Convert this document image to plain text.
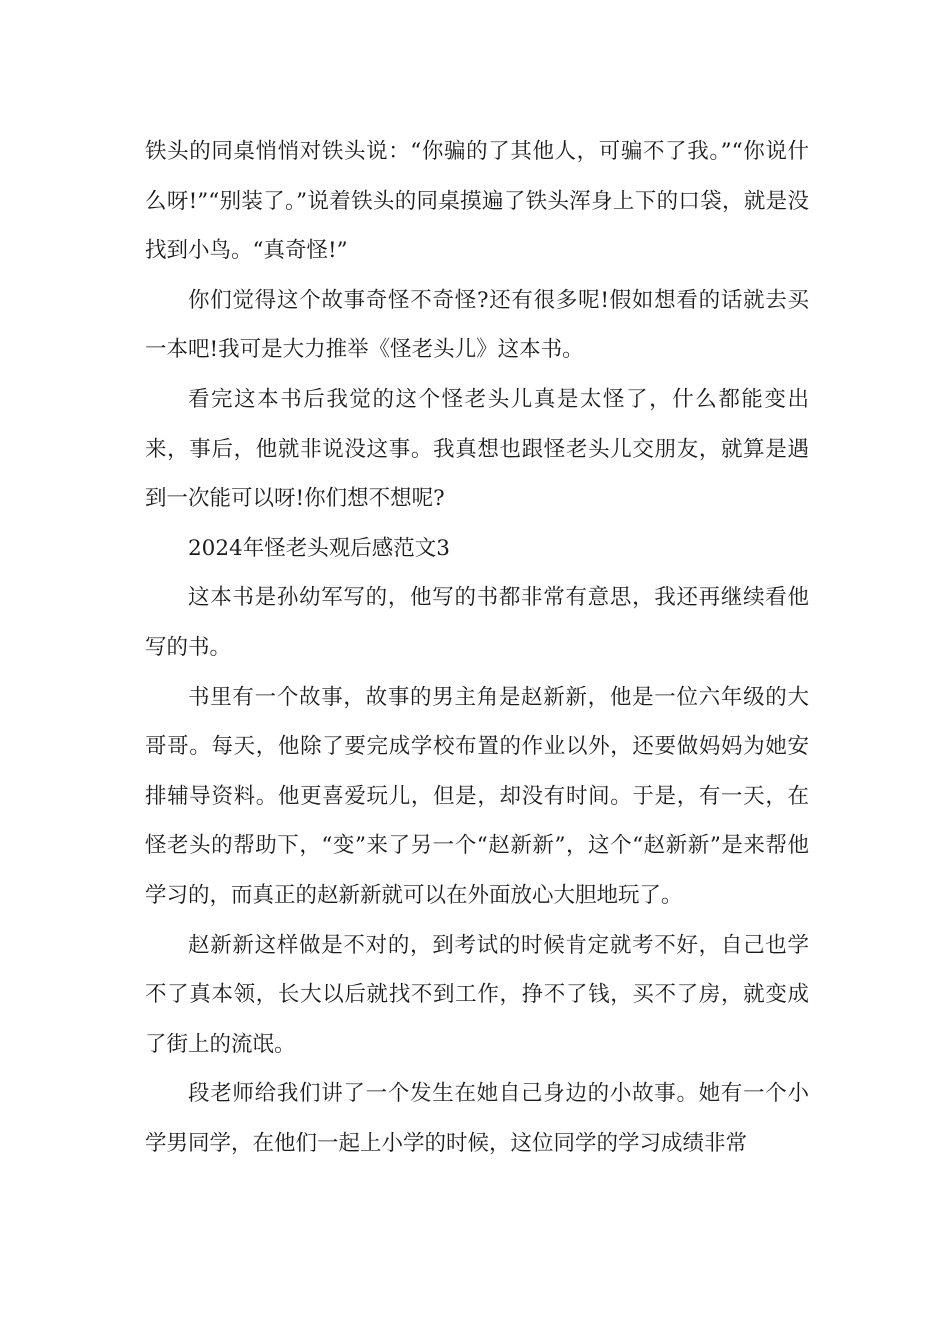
铁头的同桌悄悄对铁头说：“你骗的了其他人，可骗不了我。”“你说什么呀!”“别装了。”说着铁头的同桌摸遍了铁头浑身上下的口袋，就是没找到小鸟。“真奇怪!”

你们觉得这个故事奇怪不奇怪?还有很多呢!假如想看的话就去买一本吧!我可是大力推举《怪老头儿》这本书。

看完这本书后我觉的这个怪老头儿真是太怪了，什么都能变出来，事后，他就非说没这事。我真想也跟怪老头儿交朋友，就算是遇到一次能可以呀!你们想不想呢?

2024年怪老头观后感范文3

这本书是孙幼军写的，他写的书都非常有意思，我还再继续看他写的书。

书里有一个故事，故事的男主角是赵新新，他是一位六年级的大哥哥。每天，他除了要完成学校布置的作业以外，还要做妈妈为她安排辅导资料。他更喜爱玩儿，但是，却没有时间。于是，有一天，在怪老头的帮助下，“变”来了另一个“赵新新”，这个“赵新新”是来帮他学习的，而真正的赵新新就可以在外面放心大胆地玩了。

赵新新这样做是不对的，到考试的时候肯定就考不好，自己也学不了真本领，长大以后就找不到工作，挣不了钱，买不了房，就变成了街上的流氓。

段老师给我们讲了一个发生在她自己身边的小故事。她有一个小学男同学，在他们一起上小学的时候，这位同学的学习成绩非常
